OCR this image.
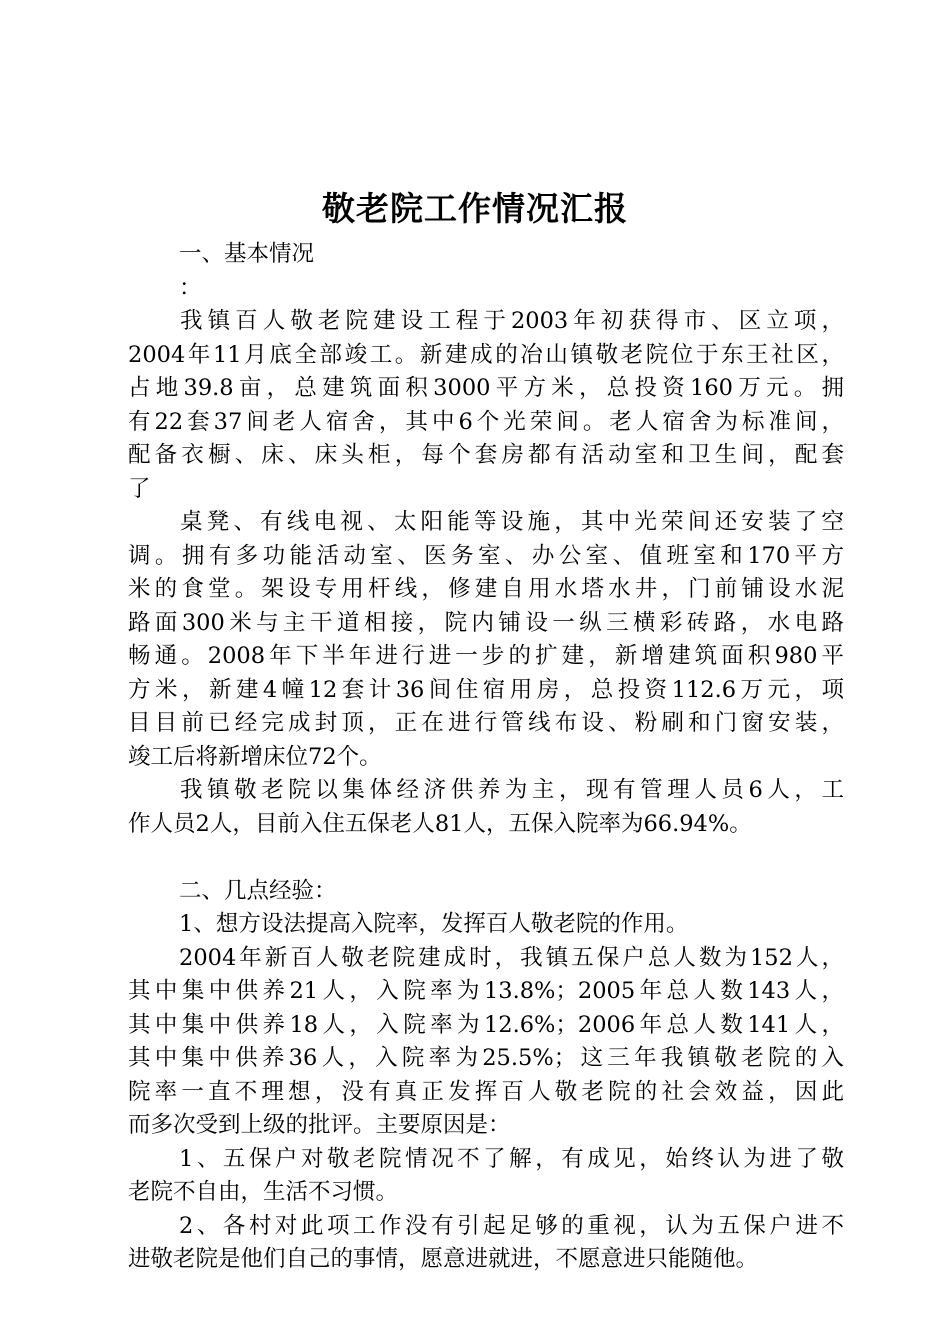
敬老院工作情况汇报

一、基本情况

：

我镇百人敬老院建设工程于2003年初获得市、区立项，

2004年11月底全部竣工。新建成的冶山镇敬老院位于东王社区，

占地39.8亩，总建筑面积3000平方米，总投资160万元。拥

有22套37间老人宿舍，其中6个光荣间。老人宿舍为标准间，

配备衣橱、床、床头柜，每个套房都有活动室和卫生间，配套

了

桌凳、有线电视、太阳能等设施，其中光荣间还安装了空

调。拥有多功能活动室、医务室、办公室、值班室和170平方

米的食堂。架设专用杆线，修建自用水塔水井，门前铺设水泥

路面300米与主干道相接，院内铺设一纵三横彩砖路，水电路

畅通。2008年下半年进行进一步的扩建，新增建筑面积980平

方米，新建4幢12套计36间住宿用房，总投资112.6万元，项

目目前已经完成封顶，正在进行管线布设、粉刷和门窗安装，

竣工后将新增床位72个。

我镇敬老院以集体经济供养为主，现有管理人员6人，工

作人员2人，目前入住五保老人81人，五保入院率为66.94%。

二、几点经验：

1、想方设法提高入院率，发挥百人敬老院的作用。

2004年新百人敬老院建成时，我镇五保户总人数为152人，

其中集中供养21人，入院率为13.8%；2005年总人数143人，

其中集中供养18人，入院率为12.6%；2006年总人数141人，

其中集中供养36人，入院率为25.5%；这三年我镇敬老院的入

院率一直不理想，没有真正发挥百人敬老院的社会效益，因此

而多次受到上级的批评。主要原因是：

1、五保户对敬老院情况不了解，有成见，始终认为进了敬

老院不自由，生活不习惯。

2、各村对此项工作没有引起足够的重视，认为五保户进不

进敬老院是他们自己的事情，愿意进就进，不愿意进只能随他。
